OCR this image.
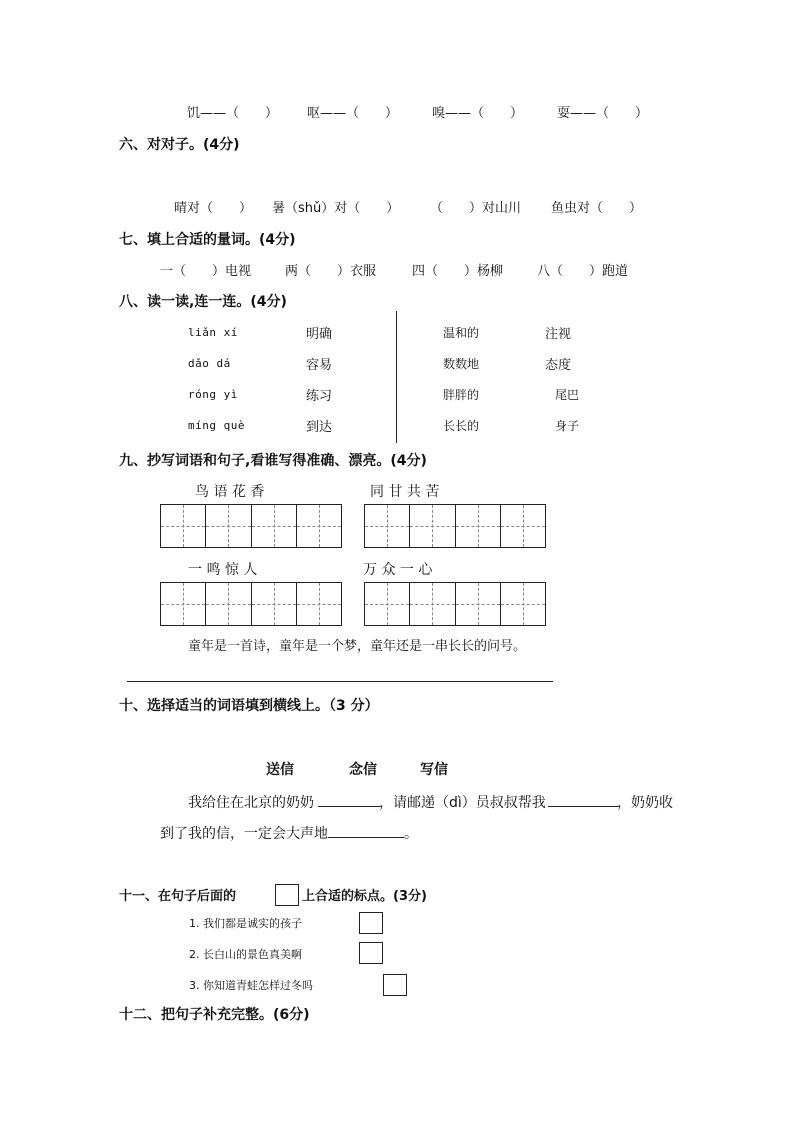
饥——（　　） 呕——（　　）	嗅——（　　）	耍——（　　）
六、对对子。(4分)
晴对（　　） 暑（shǔ）对（　　） （　　）对山川 鱼虫对（　　）
七、填上合适的量词。(4分)
一（　　）电视	两（　　）衣服	四（　　）杨柳	八（　　）跑道
八、读一读,连一连。(4分)
liǎn xí
dǎo dá
róng yì
míng què
明确
容易
练习
到达
温和的
数数地
胖胖的
长长的
注视
态度
尾巴
身子
九、抄写词语和句子,看谁写得准确、漂亮。(4分)
鸟 语 花 香	同 甘 共 苦
一 鸣 惊 人	万 众 一 心
童年是一首诗，童年是一个梦，童年还是一串长长的问号。
十、选择适当的词语填到横线上。（3 分）
送信	念信	写信
我给住在北京的奶奶	，请邮递（dì）员叔叔帮我	，奶奶收
到了我的信，一定会大声地	。
十一、在句子后面的	上合适的标点。(3分)
1. 我们都是诚实的孩子
2. 长白山的景色真美啊
3. 你知道青蛙怎样过冬吗
十二、把句子补充完整。(6分)
